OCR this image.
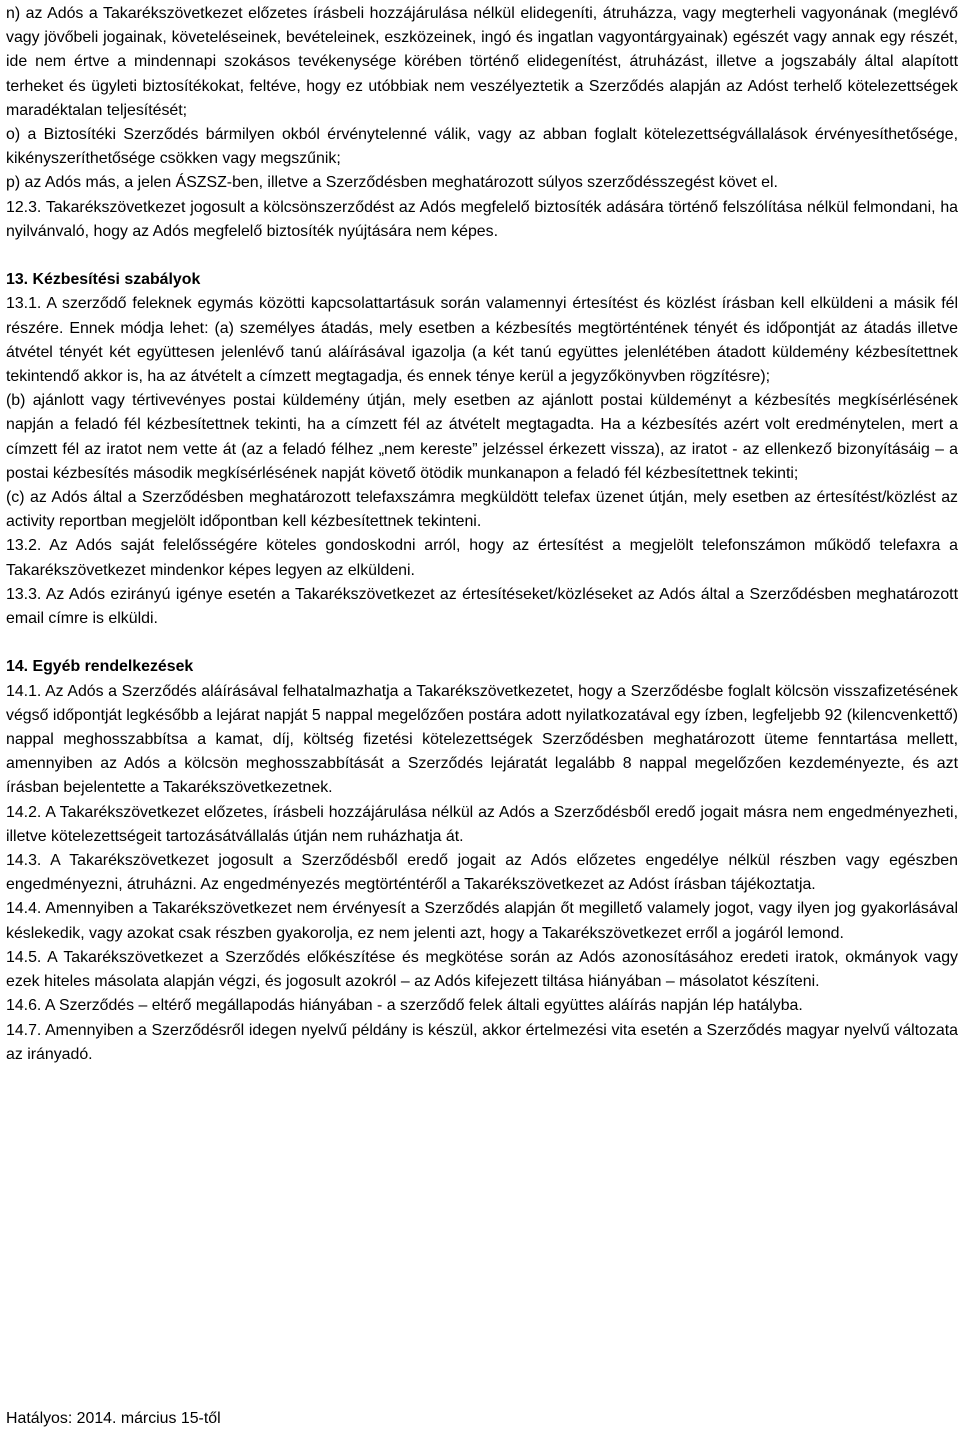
n) az Adós a Takarékszövetkezet előzetes írásbeli hozzájárulása nélkül elidegeníti, átruházza, vagy megterheli vagyonának (meglévő vagy jövőbeli jogainak, követeléseinek, bevételeinek, eszközeinek, ingó és ingatlan vagyontárgyainak) egészét vagy annak egy részét, ide nem értve a mindennapi szokásos tevékenysége körében történő elidegenítést, átruházást, illetve a jogszabály által alapított terheket és ügyleti biztosítékokat, feltéve, hogy ez utóbbiak nem veszélyeztetik a Szerződés alapján az Adóst terhelő kötelezettségek maradéktalan teljesítését;

o) a Biztosítéki Szerződés bármilyen okból érvénytelenné válik, vagy az abban foglalt kötelezettségvállalások érvényesíthetősége, kikényszeríthetősége csökken vagy megszűnik;

p) az Adós más, a jelen ÁSZSZ-ben, illetve a Szerződésben meghatározott súlyos szerződésszegést követ el.

12.3. Takarékszövetkezet jogosult a kölcsönszerződést az Adós megfelelő biztosíték adására történő felszólítása nélkül felmondani, ha nyilvánvaló, hogy az Adós megfelelő biztosíték nyújtására nem képes.

13. Kézbesítési szabályok

13.1. A szerződő feleknek egymás közötti kapcsolattartásuk során valamennyi értesítést és közlést írásban kell elküldeni a másik fél részére. Ennek módja lehet: (a) személyes átadás, mely esetben a kézbesítés megtörténtének tényét és időpontját az átadás illetve átvétel tényét két együttesen jelenlévő tanú aláírásával igazolja (a két tanú együttes jelenlétében átadott küldemény kézbesítettnek tekintendő akkor is, ha az átvételt a címzett megtagadja, és ennek ténye kerül a jegyzőkönyvben rögzítésre);

(b) ajánlott vagy tértivevényes postai küldemény útján, mely esetben az ajánlott postai küldeményt a kézbesítés megkísérlésének napján a feladó fél kézbesítettnek tekinti, ha a címzett fél az átvételt megtagadta. Ha a kézbesítés azért volt eredménytelen, mert a címzett fél az iratot nem vette át (az a feladó félhez „nem kereste” jelzéssel érkezett vissza), az iratot - az ellenkező bizonyításáig – a postai kézbesítés második megkísérlésének napját követő ötödik munkanapon a feladó fél kézbesítettnek tekinti;

(c) az Adós által a Szerződésben meghatározott telefaxszámra megküldött telefax üzenet útján, mely esetben az értesítést/közlést az activity reportban megjelölt időpontban kell kézbesítettnek tekinteni.

13.2. Az Adós saját felelősségére köteles gondoskodni arról, hogy az értesítést a megjelölt telefonszámon működő telefaxra a Takarékszövetkezet mindenkor képes legyen az elküldeni.

13.3. Az Adós ezirányú igénye esetén a Takarékszövetkezet az értesítéseket/közléseket az Adós által a Szerződésben meghatározott email címre is elküldi.

14. Egyéb rendelkezések

14.1. Az Adós a Szerződés aláírásával felhatalmazhatja a Takarékszövetkezetet, hogy a Szerződésbe foglalt kölcsön visszafizetésének végső időpontját legkésőbb a lejárat napját 5 nappal megelőzően postára adott nyilatkozatával egy ízben, legfeljebb 92 (kilencvenkettő) nappal meghosszabbítsa a kamat, díj, költség fizetési kötelezettségek Szerződésben meghatározott üteme fenntartása mellett, amennyiben az Adós a kölcsön meghosszabbítását a Szerződés lejáratát legalább 8 nappal megelőzően kezdeményezte, és azt írásban bejelentette a Takarékszövetkezetnek.

14.2. A Takarékszövetkezet előzetes, írásbeli hozzájárulása nélkül az Adós a Szerződésből eredő jogait másra nem engedményezheti, illetve kötelezettségeit tartozásátvállalás útján nem ruházhatja át.

14.3. A Takarékszövetkezet jogosult a Szerződésből eredő jogait az Adós előzetes engedélye nélkül részben vagy egészben engedményezni, átruházni. Az engedményezés megtörténtéről a Takarékszövetkezet az Adóst írásban tájékoztatja.

14.4. Amennyiben a Takarékszövetkezet nem érvényesít a Szerződés alapján őt megillető valamely jogot, vagy ilyen jog gyakorlásával késlekedik, vagy azokat csak részben gyakorolja, ez nem jelenti azt, hogy a Takarékszövetkezet erről a jogáról lemond.

14.5. A Takarékszövetkezet a Szerződés előkészítése és megkötése során az Adós azonosításához eredeti iratok, okmányok vagy ezek hiteles másolata alapján végzi, és jogosult azokról – az Adós kifejezett tiltása hiányában – másolatot készíteni.

14.6. A Szerződés – eltérő megállapodás hiányában - a szerződő felek általi együttes aláírás napján lép hatályba.

14.7. Amennyiben a Szerződésről idegen nyelvű példány is készül, akkor értelmezési vita esetén a Szerződés magyar nyelvű változata az irányadó.

Hatályos: 2014. március 15-től
